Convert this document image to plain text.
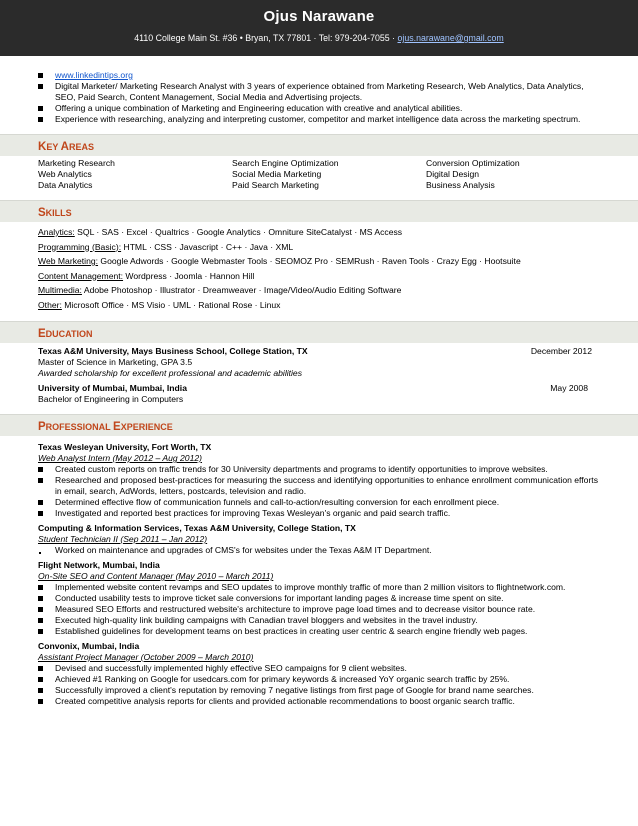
Ojus Narawane
4110 College Main St. #36 • Bryan, TX 77801 · Tel: 979-204-7055 · ojus.narawane@gmail.com
www.linkedintips.org
Digital Marketer/ Marketing Research Analyst with 3 years of experience obtained from Marketing Research, Web Analytics, Data Analytics, SEO, Paid Search, Content Management, Social Media and Advertising projects.
Offering a unique combination of Marketing and Engineering education with creative and analytical abilities.
Experience with researching, analyzing and interpreting customer, competitor and market intelligence data across the marketing spectrum.
KEY AREAS
Marketing Research
Web Analytics
Data Analytics
Search Engine Optimization
Social Media Marketing
Paid Search Marketing
Conversion Optimization
Digital Design
Business Analysis
SKILLS
Analytics: SQL · SAS · Excel · Qualtrics · Google Analytics · Omniture SiteCatalyst · MS Access
Programming (Basic): HTML · CSS · Javascript · C++ · Java · XML
Web Marketing: Google Adwords · Google Webmaster Tools · SEOMOZ Pro · SEMRush · Raven Tools · Crazy Egg · Hootsuite
Content Management: Wordpress · Joomla · Hannon Hill
Multimedia: Adobe Photoshop · Illustrator · Dreamweaver · Image/Video/Audio Editing Software
Other: Microsoft Office · MS Visio · UML · Rational Rose · Linux
EDUCATION
Texas A&M University, Mays Business School, College Station, TX	December 2012
Master of Science in Marketing, GPA 3.5
Awarded scholarship for excellent professional and academic abilities
University of Mumbai, Mumbai, India	May 2008
Bachelor of Engineering in Computers
PROFESSIONAL EXPERIENCE
Texas Wesleyan University, Fort Worth, TX
Web Analyst Intern (May 2012 – Aug 2012)
Created custom reports on traffic trends for 30 University departments and programs to identify opportunities to improve websites.
Researched and proposed best-practices for measuring the success and identifying opportunities to enhance enrollment communication efforts in email, search, AdWords, letters, postcards, television and radio.
Determined effective flow of communication funnels and call-to-action/resulting conversion for each enrollment piece.
Investigated and reported best practices for improving Texas Wesleyan's organic and paid search traffic.
Computing & Information Services, Texas A&M University, College Station, TX
Student Technician II (Sep 2011 – Jan 2012)
Worked on maintenance and upgrades of CMS's for websites under the Texas A&M IT Department.
Flight Network, Mumbai, India
On-Site SEO and Content Manager (May 2010 – March 2011)
Implemented website content revamps and SEO updates to improve monthly traffic of more than 2 million visitors to flightnetwork.com.
Conducted usability tests to improve ticket sale conversions for important landing pages & increase time spent on site.
Measured SEO Efforts and restructured website's architecture to improve page load times and to decrease visitor bounce rate.
Executed high-quality link building campaigns with Canadian travel bloggers and websites in the travel industry.
Established guidelines for development teams on best practices in creating user centric & search engine friendly web pages.
Convonix, Mumbai, India
Assistant Project Manager (October 2009 – March 2010)
Devised and successfully implemented highly effective SEO campaigns for 9 client websites.
Achieved #1 Ranking on Google for usedcars.com for primary keywords & increased YoY organic search traffic by 25%.
Successfully improved a client's reputation by removing 7 negative listings from first page of Google for brand name searches.
Created competitive analysis reports for clients and provided actionable recommendations to boost organic search traffic.
